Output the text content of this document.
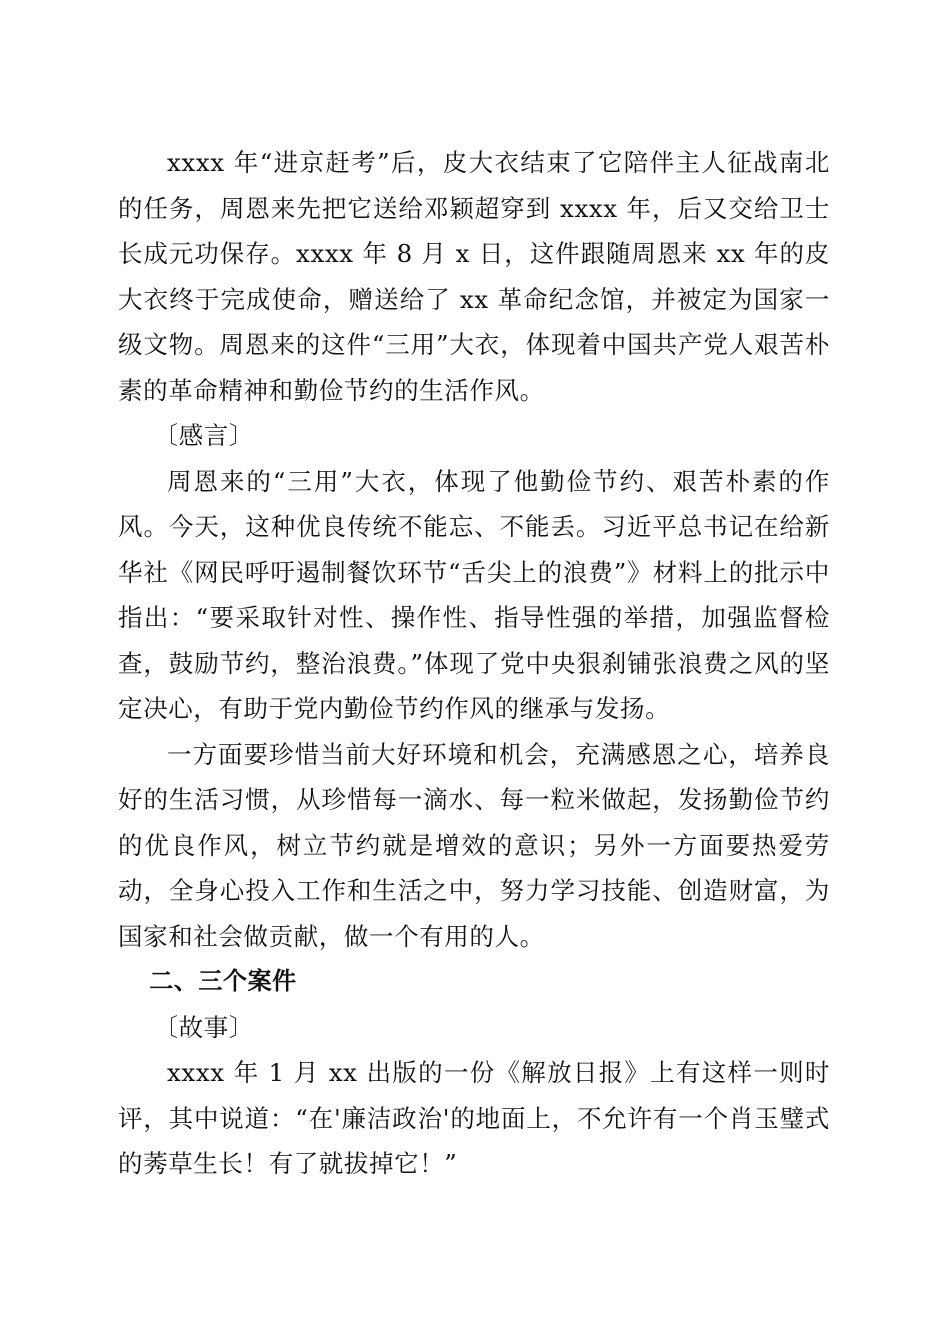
xxxx 年“进京赶考”后，皮大衣结束了它陪伴主人征战南北的任务，周恩来先把它送给邓颖超穿到 xxxx 年，后又交给卫士长成元功保存。xxxx 年 8 月 x 日，这件跟随周恩来 xx 年的皮大衣终于完成使命，赠送给了 xx 革命纪念馆，并被定为国家一级文物。周恩来的这件“三用”大衣，体现着中国共产党人艰苦朴素的革命精神和勤俭节约的生活作风。

〔感言〕

周恩来的“三用”大衣，体现了他勤俭节约、艰苦朴素的作风。今天，这种优良传统不能忘、不能丢。习近平总书记在给新华社《网民呼吁遏制餐饮环节“舌尖上的浪费”》材料上的批示中指出：“要采取针对性、操作性、指导性强的举措，加强监督检查，鼓励节约，整治浪费。”体现了党中央狠刹铺张浪费之风的坚定决心，有助于党内勤俭节约作风的继承与发扬。

一方面要珍惜当前大好环境和机会，充满感恩之心，培养良好的生活习惯，从珍惜每一滴水、每一粒米做起，发扬勤俭节约的优良作风，树立节约就是增效的意识；另外一方面要热爱劳动，全身心投入工作和生活之中，努力学习技能、创造财富，为国家和社会做贡献，做一个有用的人。

二、三个案件

〔故事〕

xxxx 年 1 月 xx 出版的一份《解放日报》上有这样一则时评，其中说道：“在'廉洁政治'的地面上，不允许有一个肖玉璧式的莠草生长！有了就拔掉它！”
